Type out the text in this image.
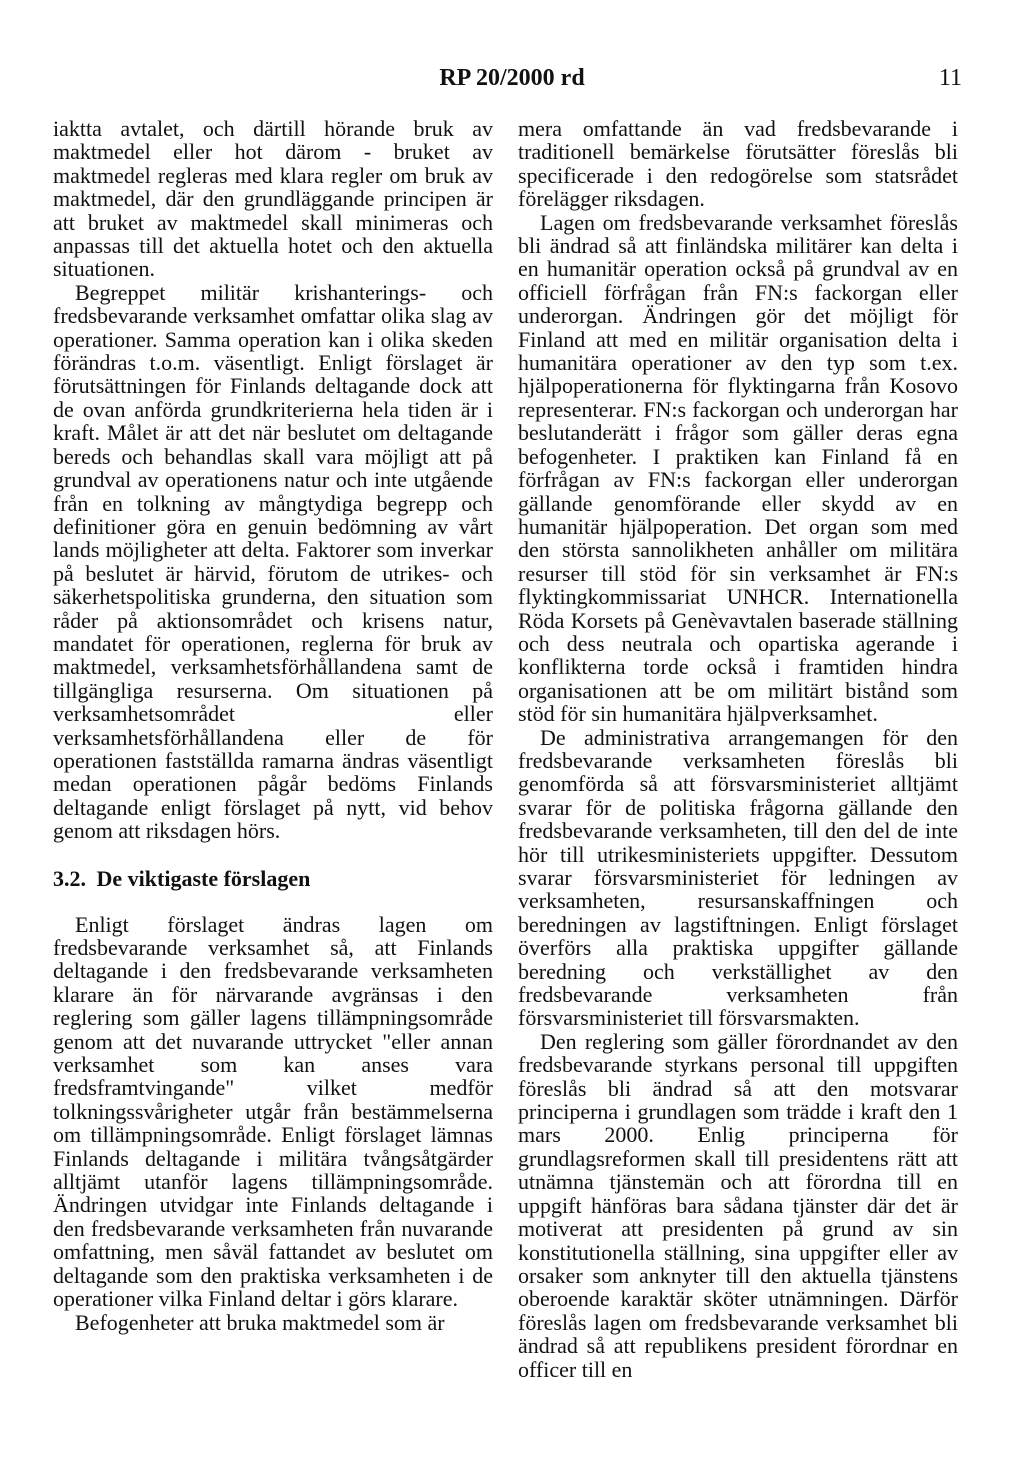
RP 20/2000 rd	11

iaktta avtalet, och därtill hörande bruk av maktmedel eller hot därom - bruket av maktmedel regleras med klara regler om bruk av maktmedel, där den grundläggande principen är att bruket av maktmedel skall minimeras och anpassas till det aktuella hotet och den aktuella situationen.

Begreppet militär krishanterings- och fredsbevarande verksamhet omfattar olika slag av operationer. Samma operation kan i olika skeden förändras t.o.m. väsentligt. Enligt förslaget är förutsättningen för Finlands deltagande dock att de ovan anförda grundkriterierna hela tiden är i kraft. Målet är att det när beslutet om deltagande bereds och behandlas skall vara möjligt att på grundval av operationens natur och inte utgående från en tolkning av mångtydiga begrepp och definitioner göra en genuin bedömning av vårt lands möjligheter att delta. Faktorer som inverkar på beslutet är härvid, förutom de utrikes- och säkerhetspolitiska grunderna, den situation som råder på aktionsområdet och krisens natur, mandatet för operationen, reglerna för bruk av maktmedel, verksamhetsförhållandena samt de tillgängliga resurserna. Om situationen på verksamhetsområdet eller verksamhetsförhållandena eller de för operationen fastställda ramarna ändras väsentligt medan operationen pågår bedöms Finlands deltagande enligt förslaget på nytt, vid behov genom att riksdagen hörs.

3.2. De viktigaste förslagen

Enligt förslaget ändras lagen om fredsbevarande verksamhet så, att Finlands deltagande i den fredsbevarande verksamheten klarare än för närvarande avgränsas i den reglering som gäller lagens tillämpningsområde genom att det nuvarande uttrycket "eller annan verksamhet som kan anses vara fredsframtvingande" vilket medför tolkningssvårigheter utgår från bestämmelserna om tillämpningsområde. Enligt förslaget lämnas Finlands deltagande i militära tvångsåtgärder alltjämt utanför lagens tillämpningsområde. Ändringen utvidgar inte Finlands deltagande i den fredsbevarande verksamheten från nuvarande omfattning, men såväl fattandet av beslutet om deltagande som den praktiska verksamheten i de operationer vilka Finland deltar i görs klarare.

Befogenheter att bruka maktmedel som är

mera omfattande än vad fredsbevarande i traditionell bemärkelse förutsätter föreslås bli specificerade i den redogörelse som statsrådet förelägger riksdagen.

Lagen om fredsbevarande verksamhet föreslås bli ändrad så att finländska militärer kan delta i en humanitär operation också på grundval av en officiell förfrågan från FN:s fackorgan eller underorgan. Ändringen gör det möjligt för Finland att med en militär organisation delta i humanitära operationer av den typ som t.ex. hjälpoperationerna för flyktingarna från Kosovo representerar. FN:s fackorgan och underorgan har beslutanderätt i frågor som gäller deras egna befogenheter. I praktiken kan Finland få en förfrågan av FN:s fackorgan eller underorgan gällande genomförande eller skydd av en humanitär hjälpoperation. Det organ som med den största sannolikheten anhåller om militära resurser till stöd för sin verksamhet är FN:s flyktingkommissariat UNHCR. Internationella Röda Korsets på Genèvavtalen baserade ställning och dess neutrala och opartiska agerande i konflikterna torde också i framtiden hindra organisationen att be om militärt bistånd som stöd för sin humanitära hjälpverksamhet.

De administrativa arrangemangen för den fredsbevarande verksamheten föreslås bli genomförda så att försvarsministeriet alltjämt svarar för de politiska frågorna gällande den fredsbevarande verksamheten, till den del de inte hör till utrikesministeriets uppgifter. Dessutom svarar försvarsministeriet för ledningen av verksamheten, resursanskaffningen och beredningen av lagstiftningen. Enligt förslaget överförs alla praktiska uppgifter gällande beredning och verkställighet av den fredsbevarande verksamheten från försvarsministeriet till försvarsmakten.

Den reglering som gäller förordnandet av den fredsbevarande styrkans personal till uppgiften föreslås bli ändrad så att den motsvarar principerna i grundlagen som trädde i kraft den 1 mars 2000. Enlig principerna för grundlagsreformen skall till presidentens rätt att utnämna tjänstemän och att förordna till en uppgift hänföras bara sådana tjänster där det är motiverat att presidenten på grund av sin konstitutionella ställning, sina uppgifter eller av orsaker som anknyter till den aktuella tjänstens oberoende karaktär sköter utnämningen. Därför föreslås lagen om fredsbevarande verksamhet bli ändrad så att republikens president förordnar en officer till en
